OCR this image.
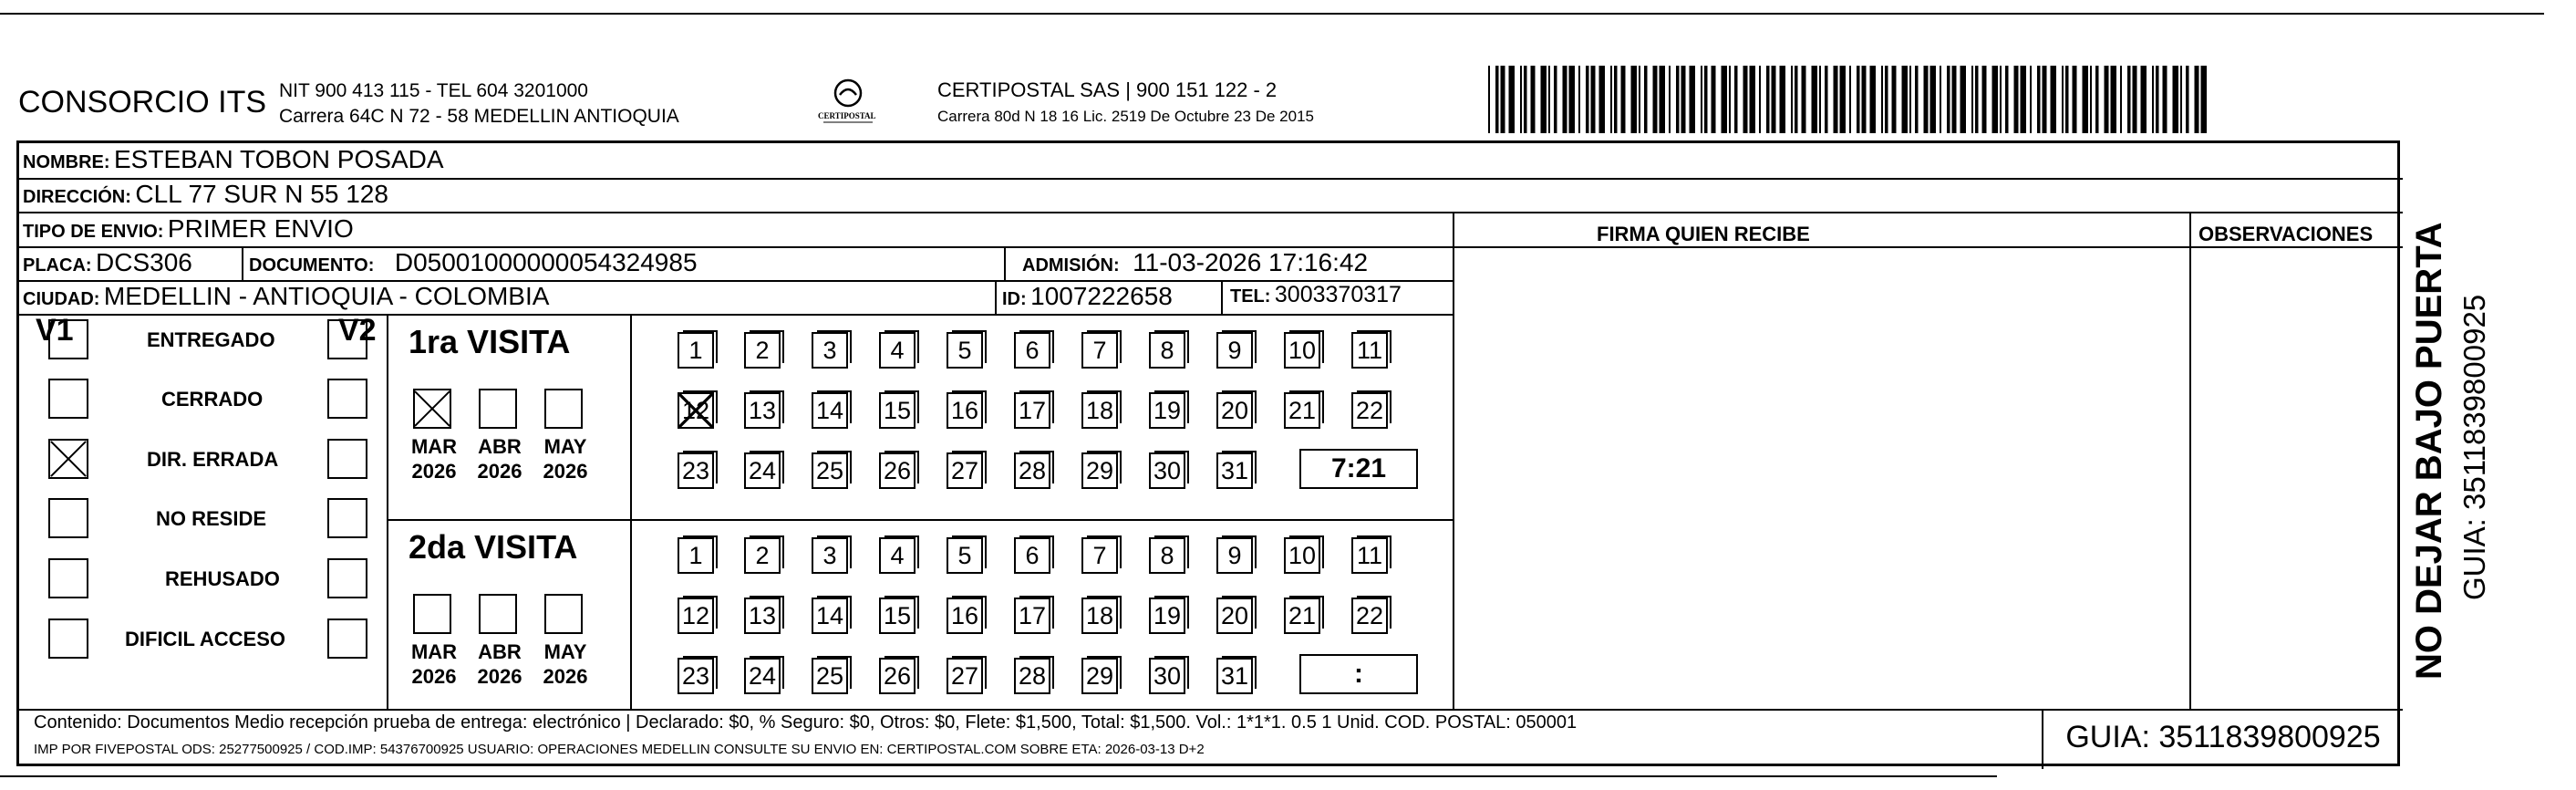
CONSORCIO ITS NIT 900 413 115 - TEL 604 3201000
Carrera 64C N 72 - 58 MEDELLIN ANTIOQUIA	CERTIPOSTAL
CERTIPOSTAL SAS | 900 151 122 - 2
Carrera 80d N 18 16 Lic. 2519 De Octubre 23 De 2015
NOMBRE: ESTEBAN TOBON POSADA
DIRECCIÓN: CLL 77 SUR N 55 128
TIPO DE ENVIO: PRIMER ENVIO	FIRMA QUIEN RECIBE	OBSERVACIONES
PLACA: DCS306	DOCUMENTO: D05001000000054324985	ADMISIÓN: 11-03-2026 17:16:42
CIUDAD: MEDELLIN - ANTIOQUIA - COLOMBIA	ID: 1007222658	TEL: 3003370317
V1	V2
ENTREGADO
CERRADO
DIR. ERRADA
NO RESIDE
REHUSADO
DIFICIL ACCESO
1ra VISITA
MAR
2026
ABR
2026
MAY
2026
1	2	3	4	5	6	7	8	9	10 11
12 13 14 15 16 17 18 19 20 21 22
23 24 25 26 27 28 29 30 31	7:21
2da VISITA
MAR
2026
ABR
2026
MAY
2026
1	2	3	4	5	6	7	8	9	10 11
12 13 14 15 16 17 18 19 20 21 22
23 24 25 26 27 28 29 30 31	:
Contenido: Documentos Medio recepción prueba de entrega: electrónico | Declarado: $0, % Seguro: $0, Otros: $0, Flete: $1,500, Total: $1,500. Vol.: 1*1*1. 0.5 1 Unid. COD. POSTAL: 050001
IMP POR FIVEPOSTAL ODS: 25277500925 / COD.IMP: 54376700925 USUARIO: OPERACIONES MEDELLIN CONSULTE SU ENVIO EN: CERTIPOSTAL.COM SOBRE ETA: 2026-03-13 D+2	GUIA: 3511839800925
NO DEJAR BAJO PUERTA GUIA: 3511839800925
